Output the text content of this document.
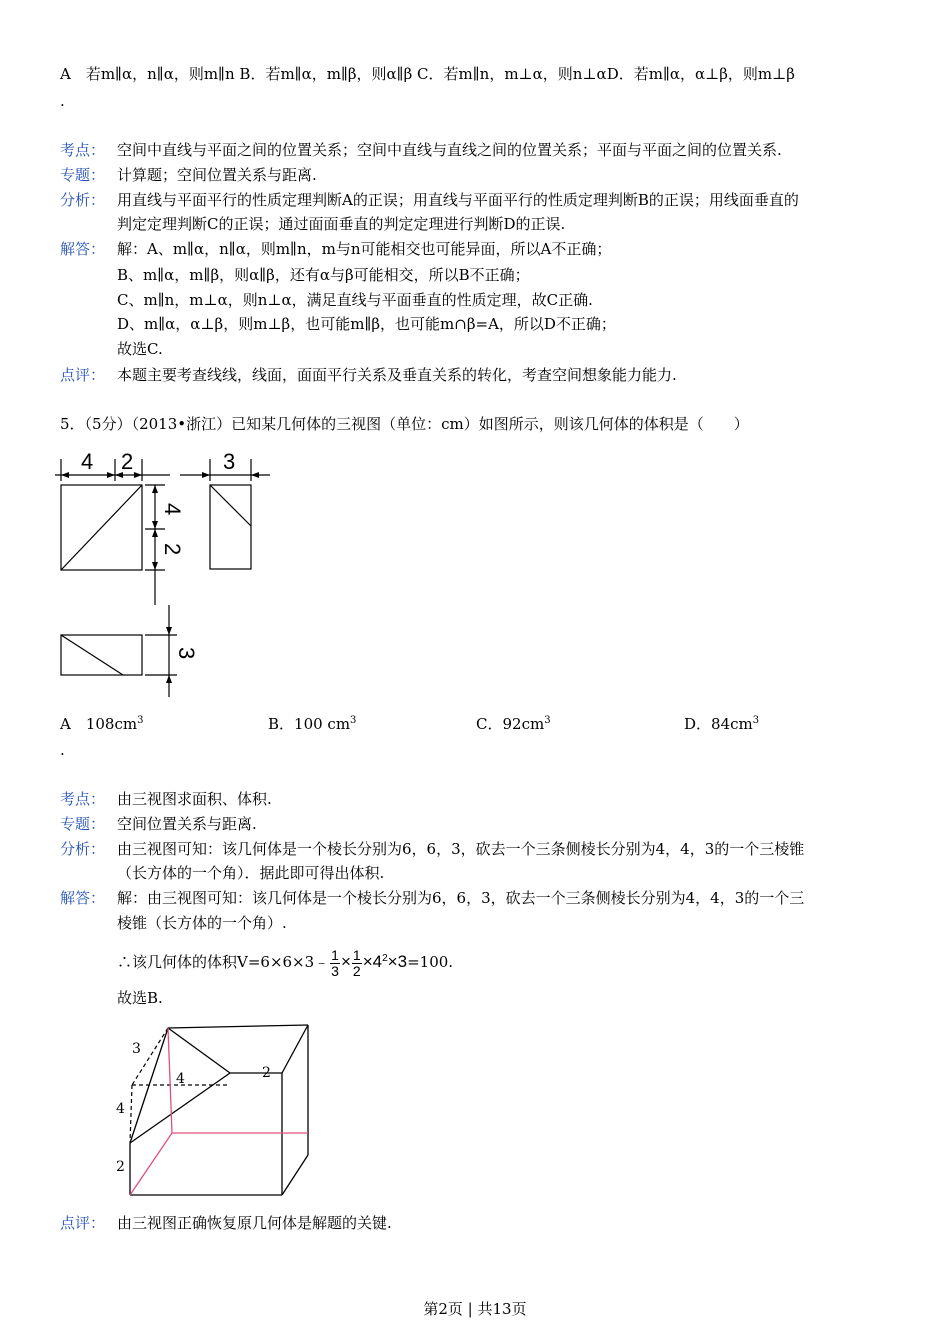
A　若m∥α，n∥α，则m∥n B．若m∥α，m∥β，则α∥β C．若m∥n，m⊥α，则n⊥αD．若m∥α，α⊥β，则m⊥β
.
考点： 空间中直线与平面之间的位置关系；空间中直线与直线之间的位置关系；平面与平面之间的位置关系.
专题： 计算题；空间位置关系与距离.
分析： 用直线与平面平行的性质定理判断A的正误；用直线与平面平行的性质定理判断B的正误；用线面垂直的
判定定理判断C的正误；通过面面垂直的判定定理进行判断D的正误.
解答： 解：A、m∥α，n∥α，则m∥n，m与n可能相交也可能异面，所以A不正确；
B、m∥α，m∥β，则α∥β，还有α与β可能相交，所以B不正确；
C、m∥n，m⊥α，则n⊥α，满足直线与平面垂直的性质定理，故C正确.
D、m∥α，α⊥β，则m⊥β，也可能m∥β，也可能m∩β=A，所以D不正确；
故选C.
点评： 本题主要考查线线，线面，面面平行关系及垂直关系的转化，考查空间想象能力能力.
5．（5分）（2013•浙江）已知某几何体的三视图（单位：cm）如图所示，则该几何体的体积是（　　）
4 2	3
4
2
3
A　$108cm^3$	B．100 $cm^3$	C．$92cm^3$	D．$84cm^3$
.
考点： 由三视图求面积、体积.
专题： 空间位置关系与距离.
分析： 由三视图可知：该几何体是一个棱长分别为6，6，3，砍去一个三条侧棱长分别为4，4，3的一个三棱锥
（长方体的一个角）．据此即可得出体积.
解答： 解：由三视图可知：该几何体是一个棱长分别为6，6，3，砍去一个三条侧棱长分别为4，4，3的一个三
棱锥（长方体的一个角）.
∴该几何体的体积V=6×6×3﹣ $\frac{1}{3} \times \frac{1}{2} \times 4^2\times 3=100$.
故选B.
3
4	2
4
2
点评： 由三视图正确恢复原几何体是解题的关键.
第2页 | 共13页
